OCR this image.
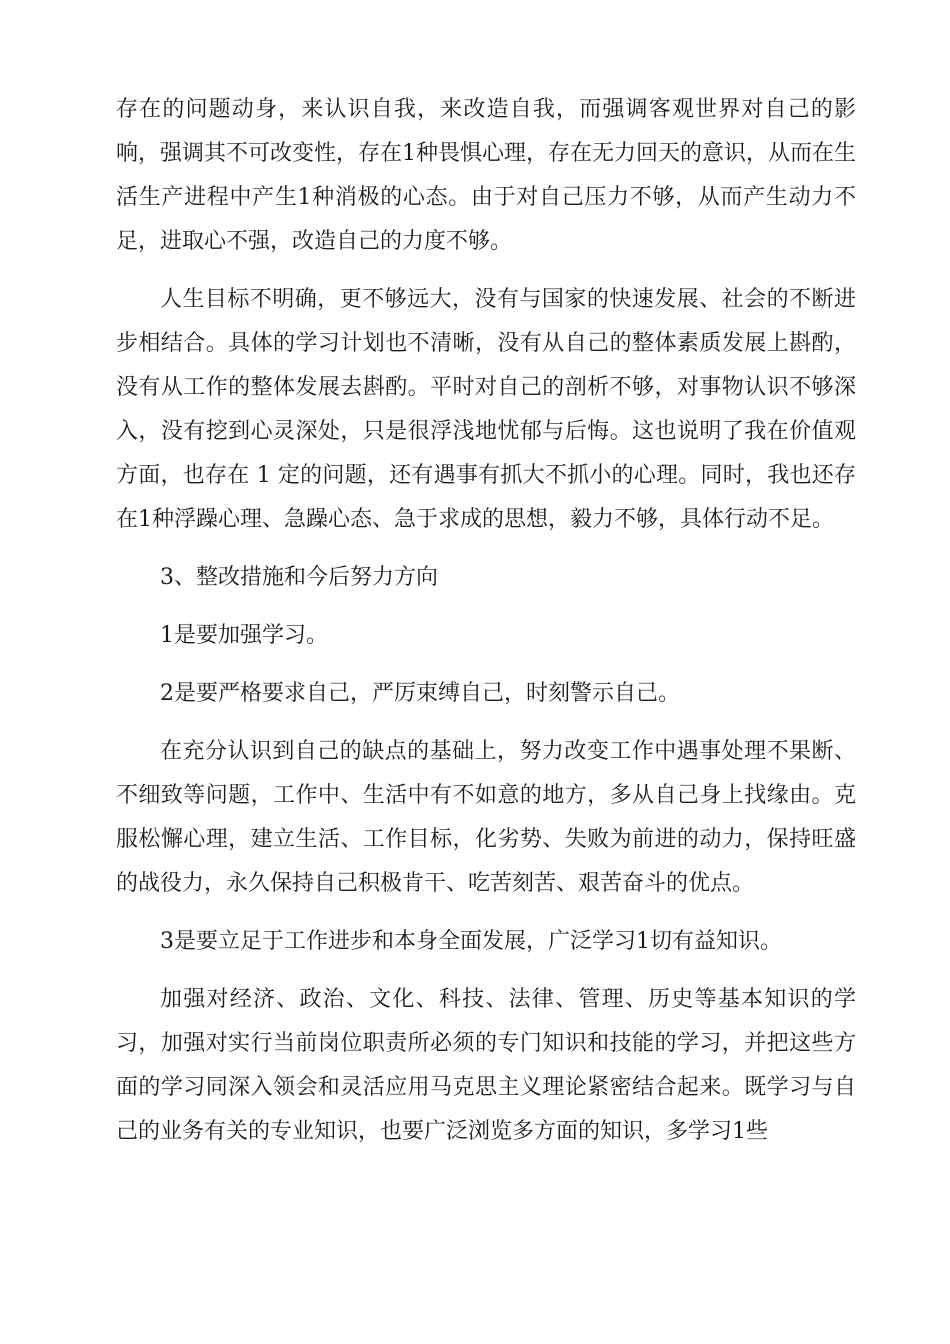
存在的问题动身，来认识自我，来改造自我，而强调客观世界对自己的影响，强调其不可改变性，存在1种畏惧心理，存在无力回天的意识，从而在生活生产进程中产生1种消极的心态。由于对自己压力不够，从而产生动力不足，进取心不强，改造自己的力度不够。

人生目标不明确，更不够远大，没有与国家的快速发展、社会的不断进步相结合。具体的学习计划也不清晰，没有从自己的整体素质发展上斟酌，没有从工作的整体发展去斟酌。平时对自己的剖析不够，对事物认识不够深入，没有挖到心灵深处，只是很浮浅地忧郁与后悔。这也说明了我在价值观方面，也存在 1 定的问题，还有遇事有抓大不抓小的心理。同时，我也还存在1种浮躁心理、急躁心态、急于求成的思想，毅力不够，具体行动不足。

3、整改措施和今后努力方向

1是要加强学习。

2是要严格要求自己，严厉束缚自己，时刻警示自己。

在充分认识到自己的缺点的基础上，努力改变工作中遇事处理不果断、不细致等问题，工作中、生活中有不如意的地方，多从自己身上找缘由。克服松懈心理，建立生活、工作目标，化劣势、失败为前进的动力，保持旺盛的战役力，永久保持自己积极肯干、吃苦刻苦、艰苦奋斗的优点。

3是要立足于工作进步和本身全面发展，广泛学习1切有益知识。

加强对经济、政治、文化、科技、法律、管理、历史等基本知识的学习，加强对实行当前岗位职责所必须的专门知识和技能的学习，并把这些方面的学习同深入领会和灵活应用马克思主义理论紧密结合起来。既学习与自己的业务有关的专业知识，也要广泛浏览多方面的知识，多学习1些
